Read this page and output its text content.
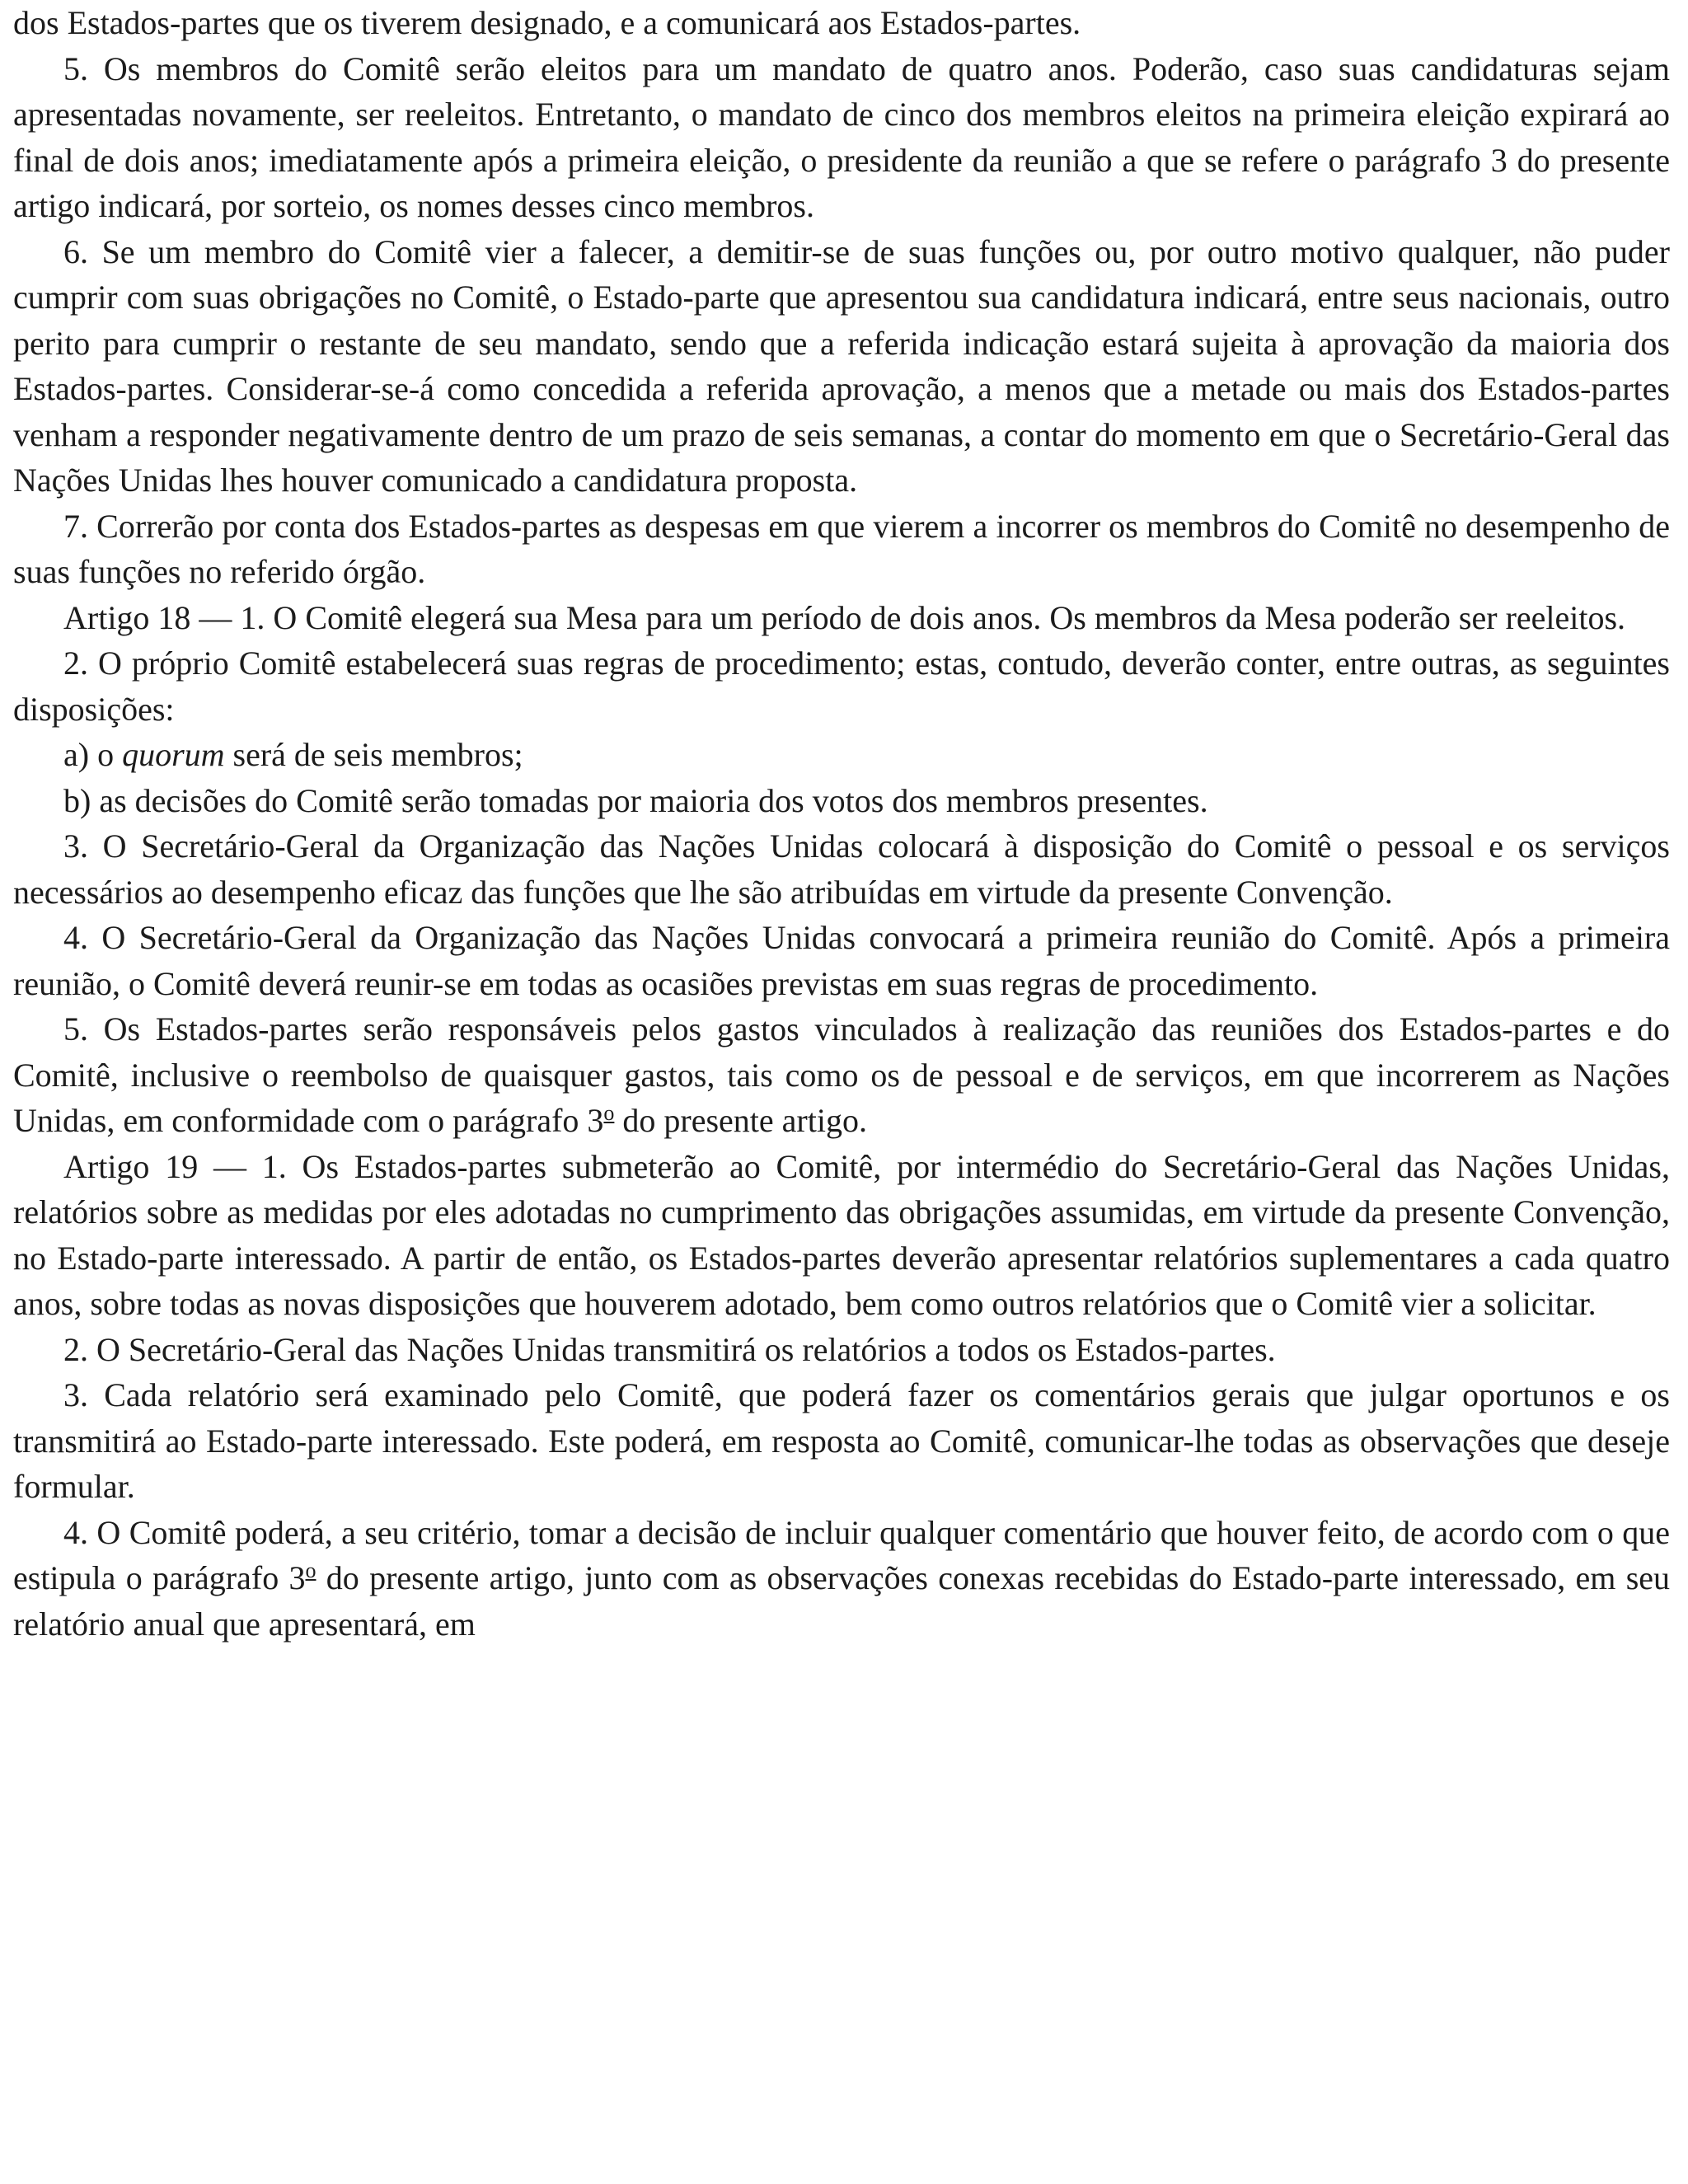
dos Estados-partes que os tiverem designado, e a comunicará aos Estados-partes.

5. Os membros do Comitê serão eleitos para um mandato de quatro anos. Poderão, caso suas candidaturas sejam apresentadas novamente, ser reeleitos. Entretanto, o mandato de cinco dos membros eleitos na primeira eleição expirará ao final de dois anos; imediatamente após a primeira eleição, o presidente da reunião a que se refere o parágrafo 3 do presente artigo indicará, por sorteio, os nomes desses cinco membros.

6. Se um membro do Comitê vier a falecer, a demitir-se de suas funções ou, por outro motivo qualquer, não puder cumprir com suas obrigações no Comitê, o Estado-parte que apresentou sua candidatura indicará, entre seus nacionais, outro perito para cumprir o restante de seu mandato, sendo que a referida indicação estará sujeita à aprovação da maioria dos Estados-partes. Considerar-se-á como concedida a referida aprovação, a menos que a metade ou mais dos Estados-partes venham a responder negativamente dentro de um prazo de seis semanas, a contar do momento em que o Secretário-Geral das Nações Unidas lhes houver comunicado a candidatura proposta.

7. Correrão por conta dos Estados-partes as despesas em que vierem a incorrer os membros do Comitê no desempenho de suas funções no referido órgão.

Artigo 18 — 1. O Comitê elegerá sua Mesa para um período de dois anos. Os membros da Mesa poderão ser reeleitos.

2. O próprio Comitê estabelecerá suas regras de procedimento; estas, contudo, deverão conter, entre outras, as seguintes disposições:

a) o quorum será de seis membros;

b) as decisões do Comitê serão tomadas por maioria dos votos dos membros presentes.

3. O Secretário-Geral da Organização das Nações Unidas colocará à disposição do Comitê o pessoal e os serviços necessários ao desempenho eficaz das funções que lhe são atribuídas em virtude da presente Convenção.

4. O Secretário-Geral da Organização das Nações Unidas convocará a primeira reunião do Comitê. Após a primeira reunião, o Comitê deverá reunir-se em todas as ocasiões previstas em suas regras de procedimento.

5. Os Estados-partes serão responsáveis pelos gastos vinculados à realização das reuniões dos Estados-partes e do Comitê, inclusive o reembolso de quaisquer gastos, tais como os de pessoal e de serviços, em que incorrerem as Nações Unidas, em conformidade com o parágrafo 3$^o$ do presente artigo.

Artigo 19 — 1. Os Estados-partes submeterão ao Comitê, por intermédio do Secretário-Geral das Nações Unidas, relatórios sobre as medidas por eles adotadas no cumprimento das obrigações assumidas, em virtude da presente Convenção, no Estado-parte interessado. A partir de então, os Estados-partes deverão apresentar relatórios suplementares a cada quatro anos, sobre todas as novas disposições que houverem adotado, bem como outros relatórios que o Comitê vier a solicitar.

2. O Secretário-Geral das Nações Unidas transmitirá os relatórios a todos os Estados-partes.

3. Cada relatório será examinado pelo Comitê, que poderá fazer os comentários gerais que julgar oportunos e os transmitirá ao Estado-parte interessado. Este poderá, em resposta ao Comitê, comunicar-lhe todas as observações que deseje formular.

4. O Comitê poderá, a seu critério, tomar a decisão de incluir qualquer comentário que houver feito, de acordo com o que estipula o parágrafo 3$^o$ do presente artigo, junto com as observações conexas recebidas do Estado-parte interessado, em seu relatório anual que apresentará, em
